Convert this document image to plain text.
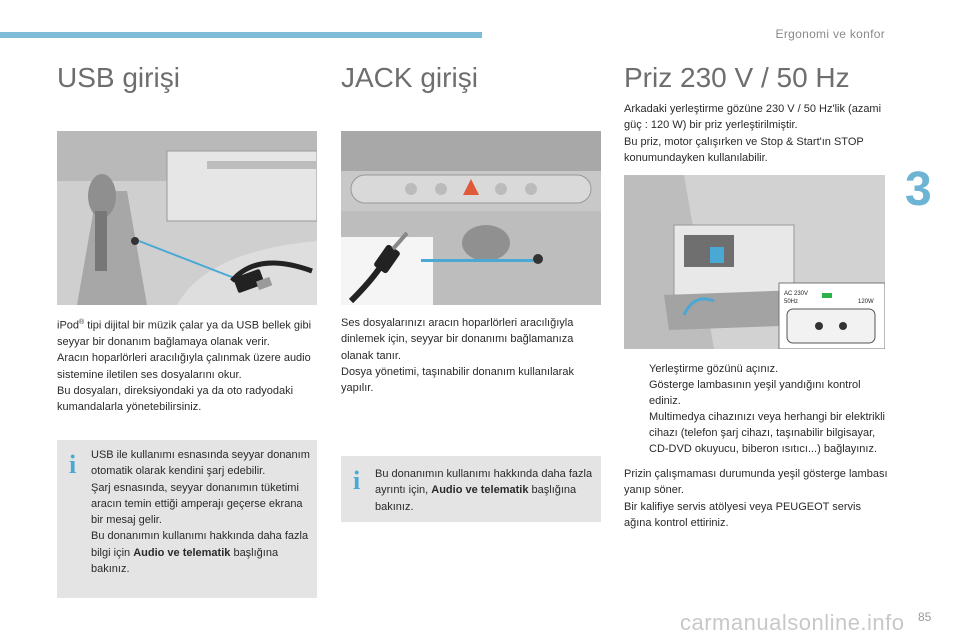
Ergonomi ve konfor
3
USB girişi

iPod® tipi dijital bir müzik çalar ya da USB bellek gibi seyyar bir donanım bağlamaya olanak verir.

Aracın hoparlörleri aracılığıyla çalınmak üzere audio sistemine iletilen ses dosyalarını okur.

Bu dosyaları, direksiyondaki ya da oto radyodaki kumandalarla yönetebilirsiniz.

i USB ile kullanımı esnasında seyyar donanım otomatik olarak kendini şarj edebilir.

Şarj esnasında, seyyar donanımın tüketimi aracın temin ettiği amperajı geçerse ekrana bir mesaj gelir.

Bu donanımın kullanımı hakkında daha fazla bilgi için Audio ve telematik başlığına bakınız.

JACK girişi

Ses dosyalarınızı aracın hoparlörleri aracılığıyla dinlemek için, seyyar bir donanımı bağlamanıza olanak tanır.

Dosya yönetimi, taşınabilir donanım kullanılarak yapılır.

i Bu donanımın kullanımı hakkında daha fazla ayrıntı için, Audio ve telematik başlığına bakınız.

Priz 230 V / 50 Hz

Arkadaki yerleştirme gözüne 230 V / 50 Hz'lik (azami güç : 120 W) bir priz yerleştirilmiştir.

Bu priz, motor çalışırken ve Stop & Start'ın STOP konumundayken kullanılabilir.

AC 230V
50Hz	120W
Yerleştirme gözünü açınız.
Gösterge lambasının yeşil yandığını kontrol ediniz.
Multimedya cihazınızı veya herhangi bir elektrikli cihazı (telefon şarj cihazı, taşınabilir bilgisayar, CD-DVD okuyucu, biberon ısıtıcı...) bağlayınız.

Prizin çalışmaması durumunda yeşil gösterge lambası yanıp söner.

Bir kalifiye servis atölyesi veya PEUGEOT servis ağına kontrol ettiriniz.

carmanualsonline.info 85
